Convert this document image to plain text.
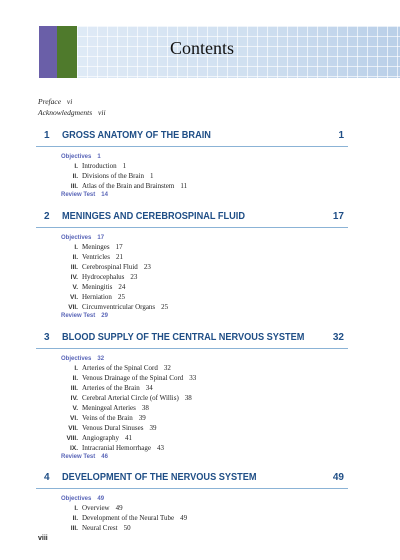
Contents
Preface vi
Acknowledgments vii
1 GROSS ANATOMY OF THE BRAIN	1
Objectives 1
I. Introduction 1
II. Divisions of the Brain 1
III. Atlas of the Brain and Brainstem 11
Review Test 14
2 MENINGES AND CEREBROSPINAL FLUID	17
Objectives 17
I. Meninges 17
II. Ventricles 21
III. Cerebrospinal Fluid 23
IV. Hydrocephalus 23
V. Meningitis 24
VI. Herniation 25
VII. Circumventricular Organs 25
Review Test 29
3 BLOOD SUPPLY OF THE CENTRAL NERVOUS SYSTEM	32
Objectives 32
I. Arteries of the Spinal Cord 32
II. Venous Drainage of the Spinal Cord 33
III. Arteries of the Brain 34
IV. Cerebral Arterial Circle (of Willis) 38
V. Meningeal Arteries 38
VI. Veins of the Brain 39
VII. Venous Dural Sinuses 39
VIII. Angiography 41
IX. Intracranial Hemorrhage 43
Review Test 46
4 DEVELOPMENT OF THE NERVOUS SYSTEM	49
Objectives 49
I. Overview 49
II. Development of the Neural Tube 49
III. Neural Crest 50
viii
